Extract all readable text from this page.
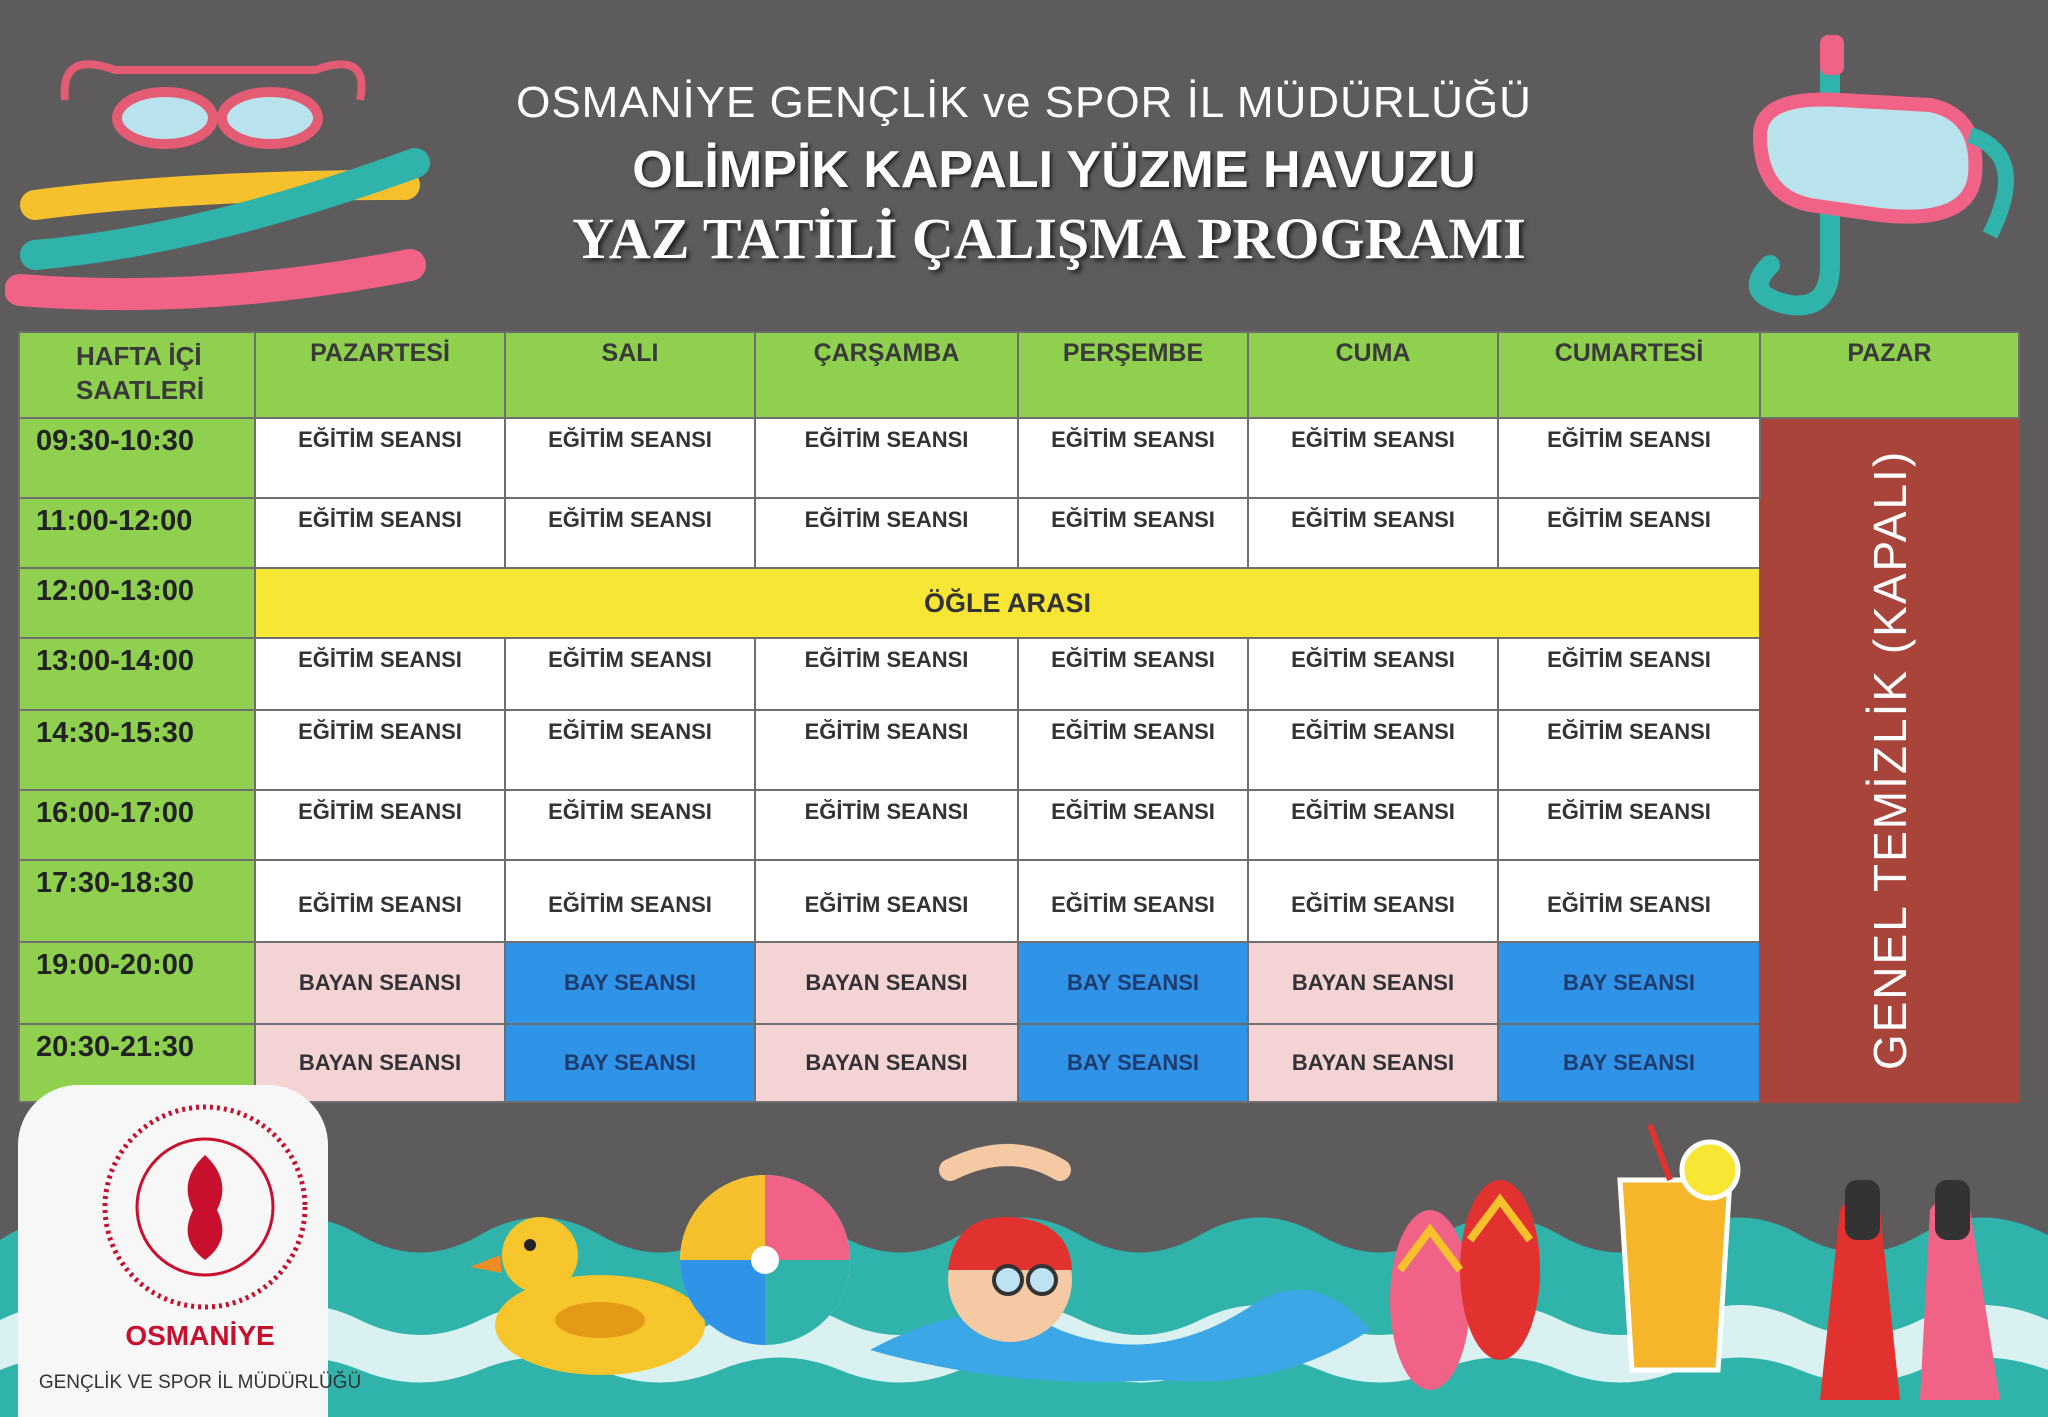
OSMANİYE GENÇLİK ve SPOR İL MÜDÜRLÜĞÜ
OLİMPİK KAPALI YÜZME HAVUZU
YAZ TATİLİ ÇALIŞMA PROGRAMI
HAFTA İÇİ
SAATLERİ	PAZARTESİ	SALI	ÇARŞAMBA	PERŞEMBE	CUMA	CUMARTESİ	PAZAR
09:30-10:30	EĞİTİM SEANSI	EĞİTİM SEANSI	EĞİTİM SEANSI	EĞİTİM SEANSI	EĞİTİM SEANSI	EĞİTİM SEANSI	GENEL TEMİZLİK (KAPALI)

11:00-12:00	EĞİTİM SEANSI	EĞİTİM SEANSI	EĞİTİM SEANSI	EĞİTİM SEANSI	EĞİTİM SEANSI	EĞİTİM SEANSI	
12:00-13:00	ÖĞLE ARASI						
13:00-14:00	EĞİTİM SEANSI	EĞİTİM SEANSI	EĞİTİM SEANSI	EĞİTİM SEANSI	EĞİTİM SEANSI	EĞİTİM SEANSI	
14:30-15:30	EĞİTİM SEANSI	EĞİTİM SEANSI	EĞİTİM SEANSI	EĞİTİM SEANSI	EĞİTİM SEANSI	EĞİTİM SEANSI	
16:00-17:00	EĞİTİM SEANSI	EĞİTİM SEANSI	EĞİTİM SEANSI	EĞİTİM SEANSI	EĞİTİM SEANSI	EĞİTİM SEANSI	
17:30-18:30	EĞİTİM SEANSI	EĞİTİM SEANSI	EĞİTİM SEANSI	EĞİTİM SEANSI	EĞİTİM SEANSI	EĞİTİM SEANSI	
19:00-20:00	BAYAN SEANSI	BAY SEANSI	BAYAN SEANSI	BAY SEANSI	BAYAN SEANSI	BAY SEANSI	
20:30-21:30	BAYAN SEANSI	BAY SEANSI	BAYAN SEANSI	BAY SEANSI	BAYAN SEANSI	BAY SEANSI	
OSMANİYE
GENÇLİK VE SPOR İL MÜDÜRLÜĞÜ
